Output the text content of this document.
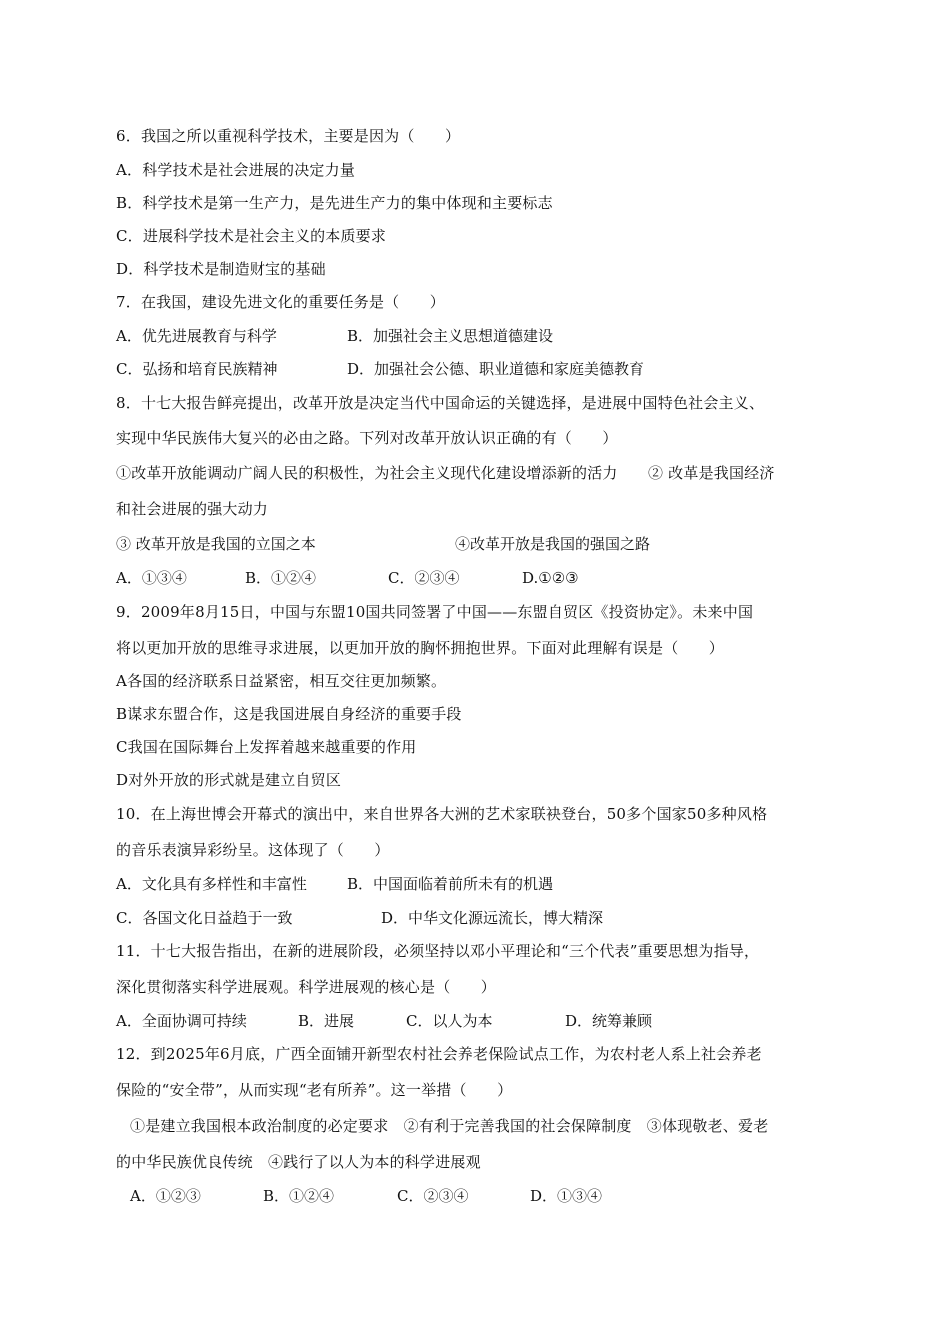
6．我国之所以重视科学技术，主要是因为（　　）
A．科学技术是社会进展的决定力量
B．科学技术是第一生产力，是先进生产力的集中体现和主要标志
C．进展科学技术是社会主义的本质要求
D．科学技术是制造财宝的基础
7．在我国，建设先进文化的重要任务是（　　）
A．优先进展教育与科学	B．加强社会主义思想道德建设
C．弘扬和培育民族精神	D．加强社会公德、职业道德和家庭美德教育
8．十七大报告鲜亮提出，改革开放是决定当代中国命运的关键选择，是进展中国特色社会主义、
实现中华民族伟大复兴的必由之路。下列对改革开放认识正确的有（　　）
①改革开放能调动广阔人民的积极性，为社会主义现代化建设增添新的活力　　② 改革是我国经济
和社会进展的强大动力
③ 改革开放是我国的立国之本	④改革开放是我国的强国之路
A．①③④	B．①②④	C．②③④	D.①②③
9．2009年8月15日，中国与东盟10国共同签署了中国——东盟自贸区《投资协定》。未来中国
将以更加开放的思维寻求进展，以更加开放的胸怀拥抱世界。下面对此理解有误是（　　）
A各国的经济联系日益紧密，相互交往更加频繁。
B谋求东盟合作，这是我国进展自身经济的重要手段
C我国在国际舞台上发挥着越来越重要的作用
D对外开放的形式就是建立自贸区
10．在上海世博会开幕式的演出中，来自世界各大洲的艺术家联袂登台，50多个国家50多种风格
的音乐表演异彩纷呈。这体现了（　　）
A．文化具有多样性和丰富性	B．中国面临着前所未有的机遇
C．各国文化日益趋于一致	D．中华文化源远流长，博大精深
11．十七大报告指出，在新的进展阶段，必须坚持以邓小平理论和“三个代表”重要思想为指导，
深化贯彻落实科学进展观。科学进展观的核心是（　　）
A．全面协调可持续	B．进展	C．以人为本	D．统筹兼顾
12．到2025年6月底，广西全面铺开新型农村社会养老保险试点工作，为农村老人系上社会养老
保险的“安全带”，从而实现“老有所养”。这一举措（　　）
①是建立我国根本政治制度的必定要求　②有利于完善我国的社会保障制度　③体现敬老、爱老
的中华民族优良传统　④践行了以人为本的科学进展观
A．①②③	B．①②④	C．②③④	D．①③④
